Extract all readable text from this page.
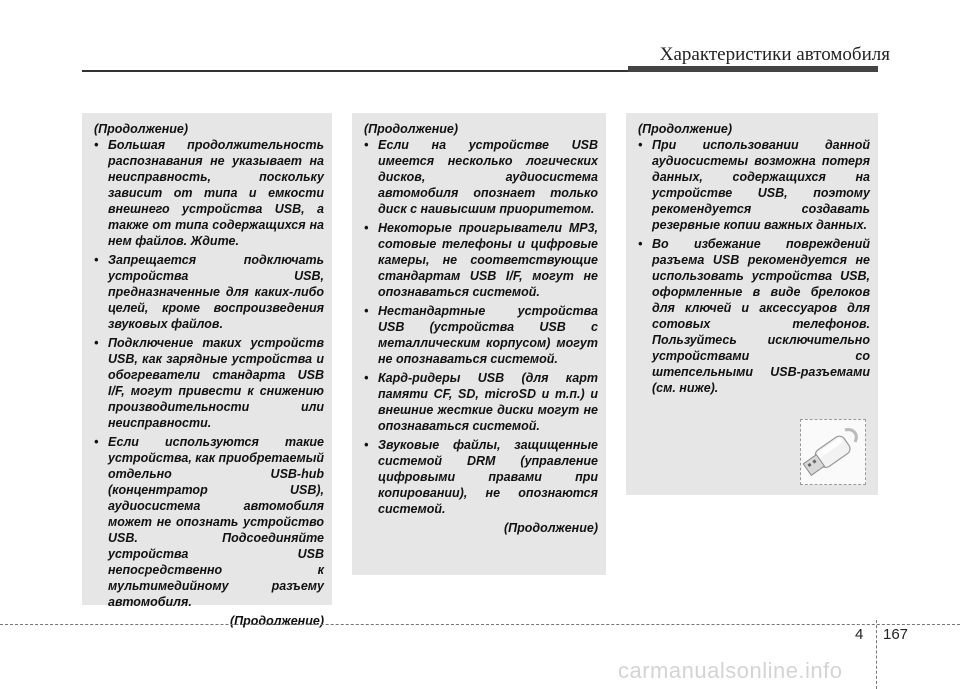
Характеристики автомобиля

(Продолжение)

• Большая продолжительность распознавания не указывает на неисправность, поскольку зависит от типа и емкости внешнего устройства USB, а также от типа содержащихся на нем файлов. Ждите.
• Запрещается подключать устройства USB, предназначенные для каких-либо целей, кроме воспроизведения звуковых файлов.
• Подключение таких устройств USB, как зарядные устройства и обогреватели стандарта USB I/F, могут привести к снижению производительности или неисправности.
• Если используются такие устройства, как приобретаемый отдельно USB-hub (концентратор USB), аудиосистема автомобиля может не опознать устройство USB. Подсоединяйте устройства USB непосредственно к мультимедийному разъему автомобиля.

(Продолжение)

(Продолжение)

• Если на устройстве USB имеется несколько логических дисков, аудиосистема автомобиля опознает только диск с наивысшим приоритетом.
• Некоторые проигрыватели MP3, сотовые телефоны и цифровые камеры, не соответствующие стандартам USB I/F, могут не опознаваться системой.
• Нестандартные устройства USB (устройства USB с металлическим корпусом) могут не опознаваться системой.
• Кард-ридеры USB (для карт памяти CF, SD, microSD и т.п.) и внешние жесткие диски могут не опознаваться системой.
• Звуковые файлы, защищенные системой DRM (управление цифровыми правами при копировании), не опознаются системой.

(Продолжение)

(Продолжение)

• При использовании данной аудиосистемы возможна потеря данных, содержащихся на устройстве USB, поэтому рекомендуется создавать резервные копии важных данных.
• Во избежание повреждений разъема USB рекомендуется не использовать устройства USB, оформленные в виде брелоков для ключей и аксессуаров для сотовых телефонов. Пользуйтесь исключительно устройствами со штепсельными USB-разъемами (см. ниже).
4 167
carmanualsonline.info
